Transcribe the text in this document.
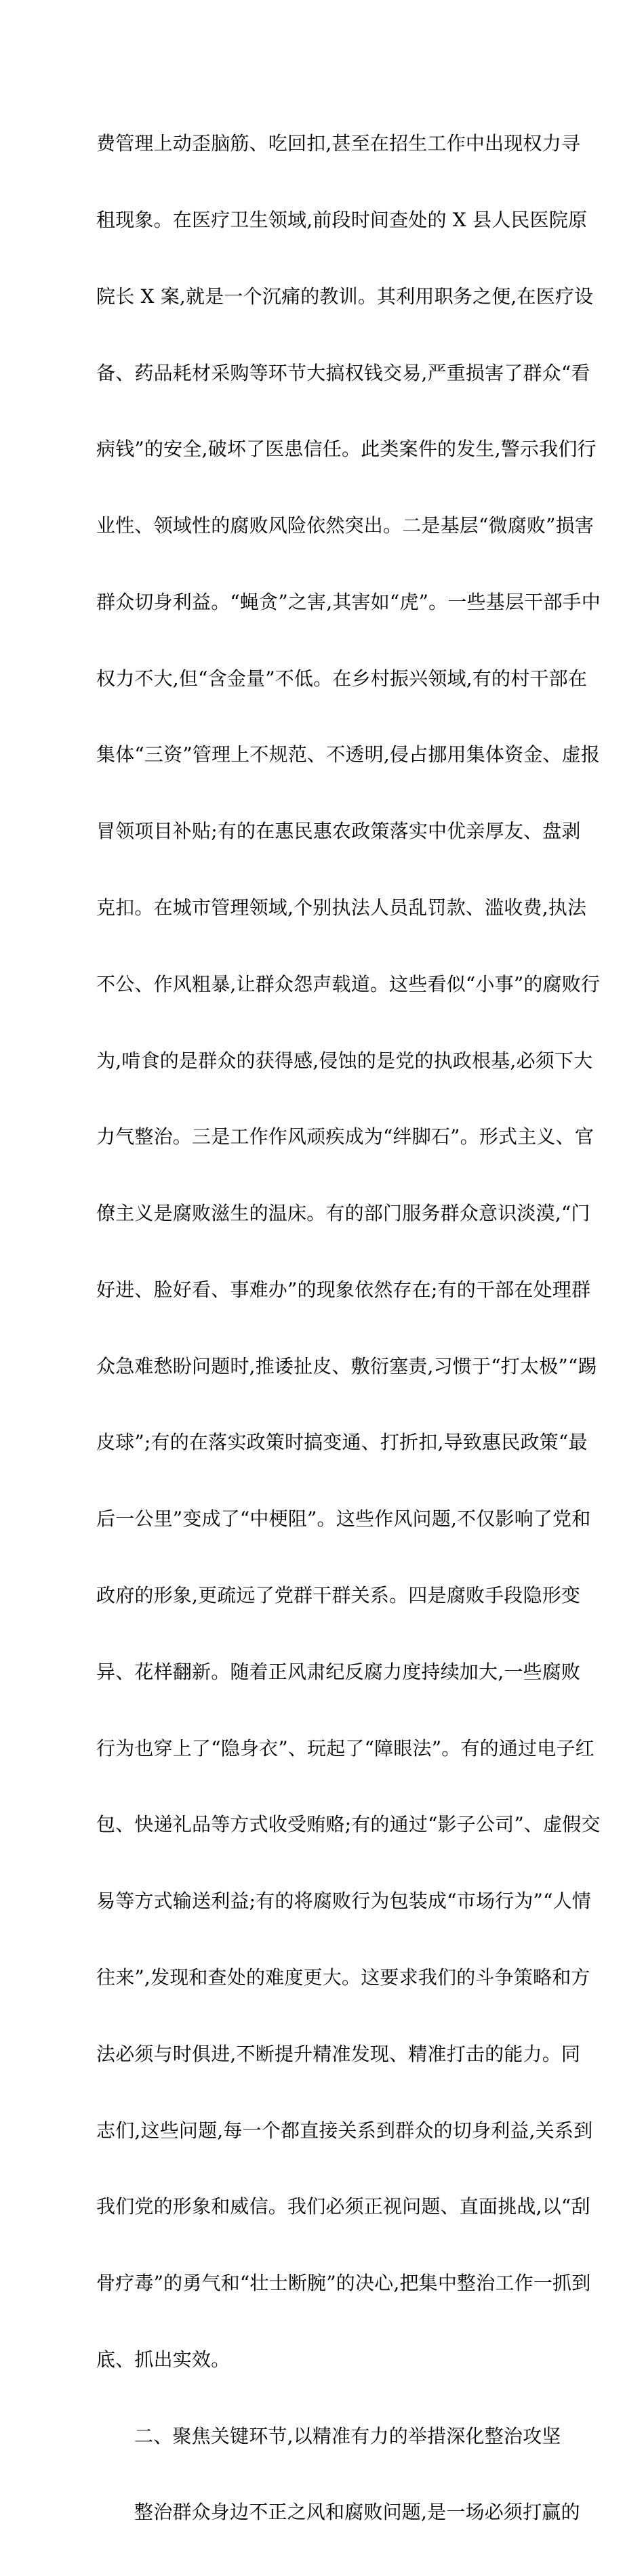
费管理上动歪脑筋、吃回扣,甚至在招生工作中出现权力寻

租现象。在医疗卫生领域,前段时间查处的 X 县人民医院原

院长 X 案,就是一个沉痛的教训。其利用职务之便,在医疗设

备、药品耗材采购等环节大搞权钱交易,严重损害了群众“看

病钱”的安全,破坏了医患信任。此类案件的发生,警示我们行

业性、领域性的腐败风险依然突出。二是基层“微腐败”损害

群众切身利益。“蝇贪”之害,其害如“虎”。一些基层干部手中

权力不大,但“含金量”不低。在乡村振兴领域,有的村干部在

集体“三资”管理上不规范、不透明,侵占挪用集体资金、虚报

冒领项目补贴;有的在惠民惠农政策落实中优亲厚友、盘剥

克扣。在城市管理领域,个别执法人员乱罚款、滥收费,执法

不公、作风粗暴,让群众怨声载道。这些看似“小事”的腐败行

为,啃食的是群众的获得感,侵蚀的是党的执政根基,必须下大

力气整治。三是工作作风顽疾成为“绊脚石”。形式主义、官

僚主义是腐败滋生的温床。有的部门服务群众意识淡漠,“门

好进、脸好看、事难办”的现象依然存在;有的干部在处理群

众急难愁盼问题时,推诿扯皮、敷衍塞责,习惯于“打太极”“踢

皮球”;有的在落实政策时搞变通、打折扣,导致惠民政策“最

后一公里”变成了“中梗阻”。这些作风问题,不仅影响了党和

政府的形象,更疏远了党群干群关系。四是腐败手段隐形变

异、花样翻新。随着正风肃纪反腐力度持续加大,一些腐败

行为也穿上了“隐身衣”、玩起了“障眼法”。有的通过电子红

包、快递礼品等方式收受贿赂;有的通过“影子公司”、虚假交

易等方式输送利益;有的将腐败行为包装成“市场行为”“人情

往来”,发现和查处的难度更大。这要求我们的斗争策略和方

法必须与时俱进,不断提升精准发现、精准打击的能力。同

志们,这些问题,每一个都直接关系到群众的切身利益,关系到

我们党的形象和威信。我们必须正视问题、直面挑战,以“刮

骨疗毒”的勇气和“壮士断腕”的决心,把集中整治工作一抓到

底、抓出实效。

二、聚焦关键环节,以精准有力的举措深化整治攻坚

整治群众身边不正之风和腐败问题,是一场必须打赢的
